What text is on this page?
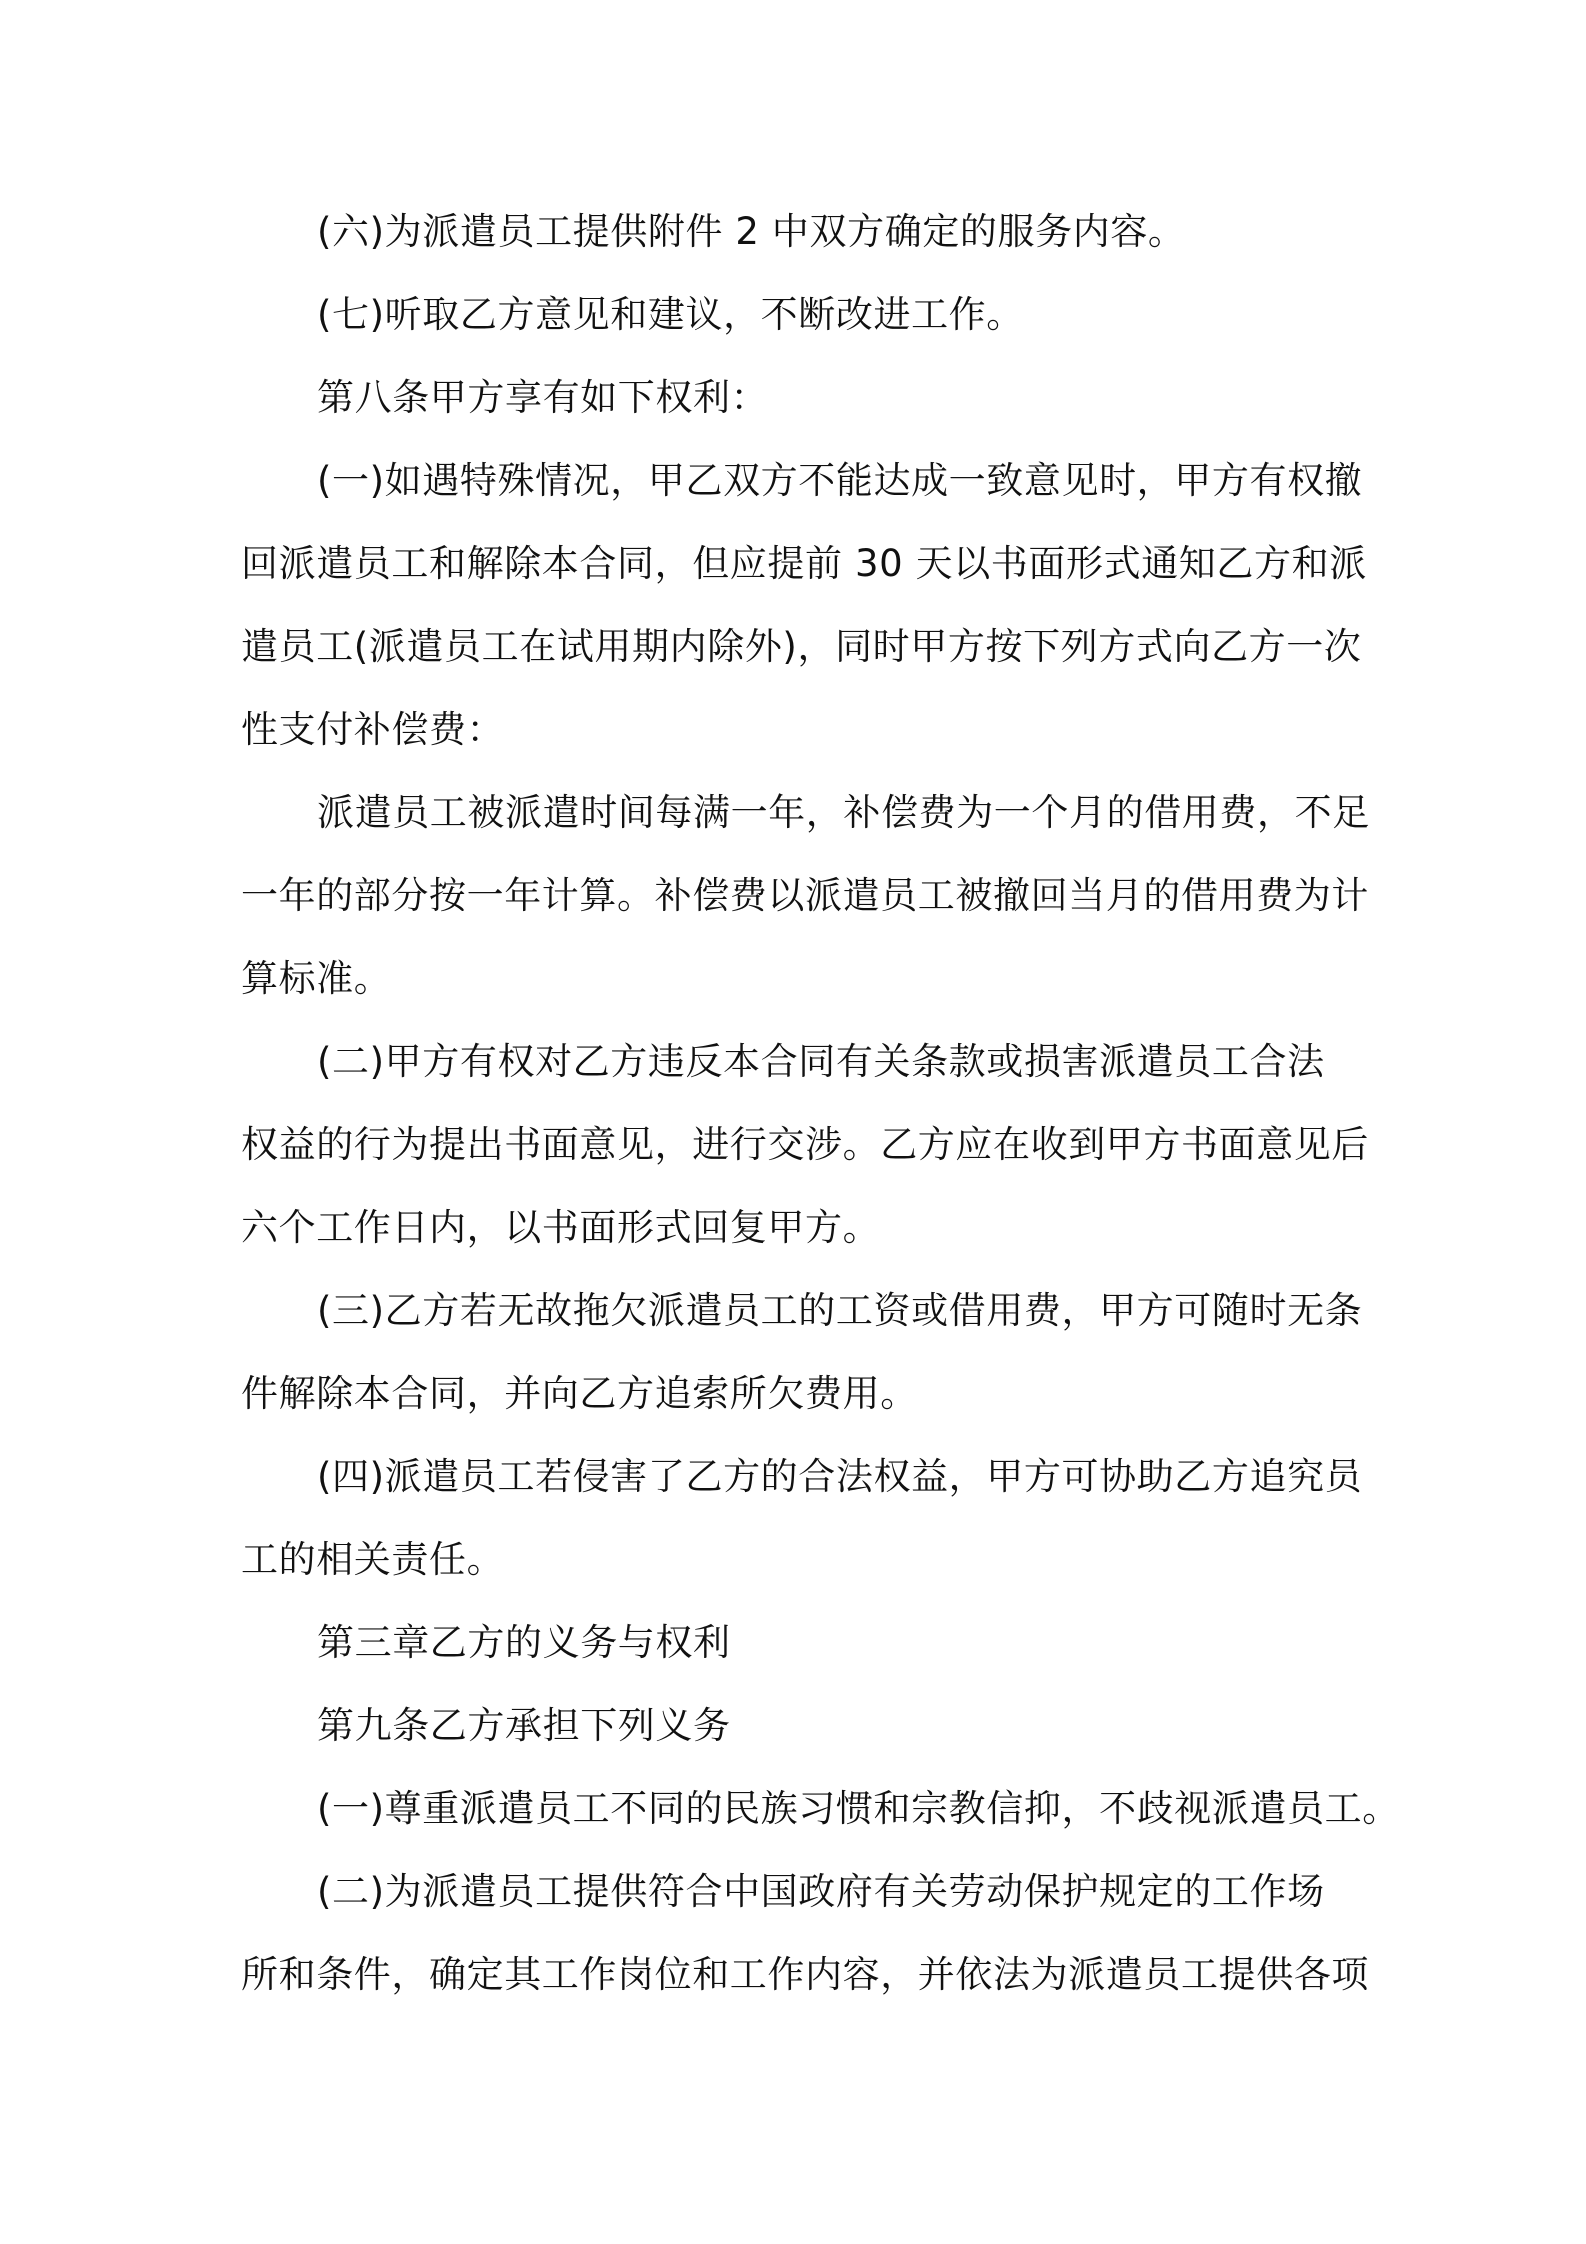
(六)为派遣员工提供附件 2 中双方确定的服务内容。
(七)听取乙方意见和建议，不断改进工作。
第八条甲方享有如下权利：
(一)如遇特殊情况，甲乙双方不能达成一致意见时，甲方有权撤
回派遣员工和解除本合同，但应提前 30 天以书面形式通知乙方和派
遣员工(派遣员工在试用期内除外)，同时甲方按下列方式向乙方一次
性支付补偿费：
派遣员工被派遣时间每满一年，补偿费为一个月的借用费，不足
一年的部分按一年计算。补偿费以派遣员工被撤回当月的借用费为计
算标准。
(二)甲方有权对乙方违反本合同有关条款或损害派遣员工合法
权益的行为提出书面意见，进行交涉。乙方应在收到甲方书面意见后
六个工作日内，以书面形式回复甲方。
(三)乙方若无故拖欠派遣员工的工资或借用费，甲方可随时无条
件解除本合同，并向乙方追索所欠费用。
(四)派遣员工若侵害了乙方的合法权益，甲方可协助乙方追究员
工的相关责任。
第三章乙方的义务与权利
第九条乙方承担下列义务
(一)尊重派遣员工不同的民族习惯和宗教信抑，不歧视派遣员工。
(二)为派遣员工提供符合中国政府有关劳动保护规定的工作场
所和条件，确定其工作岗位和工作内容，并依法为派遣员工提供各项
